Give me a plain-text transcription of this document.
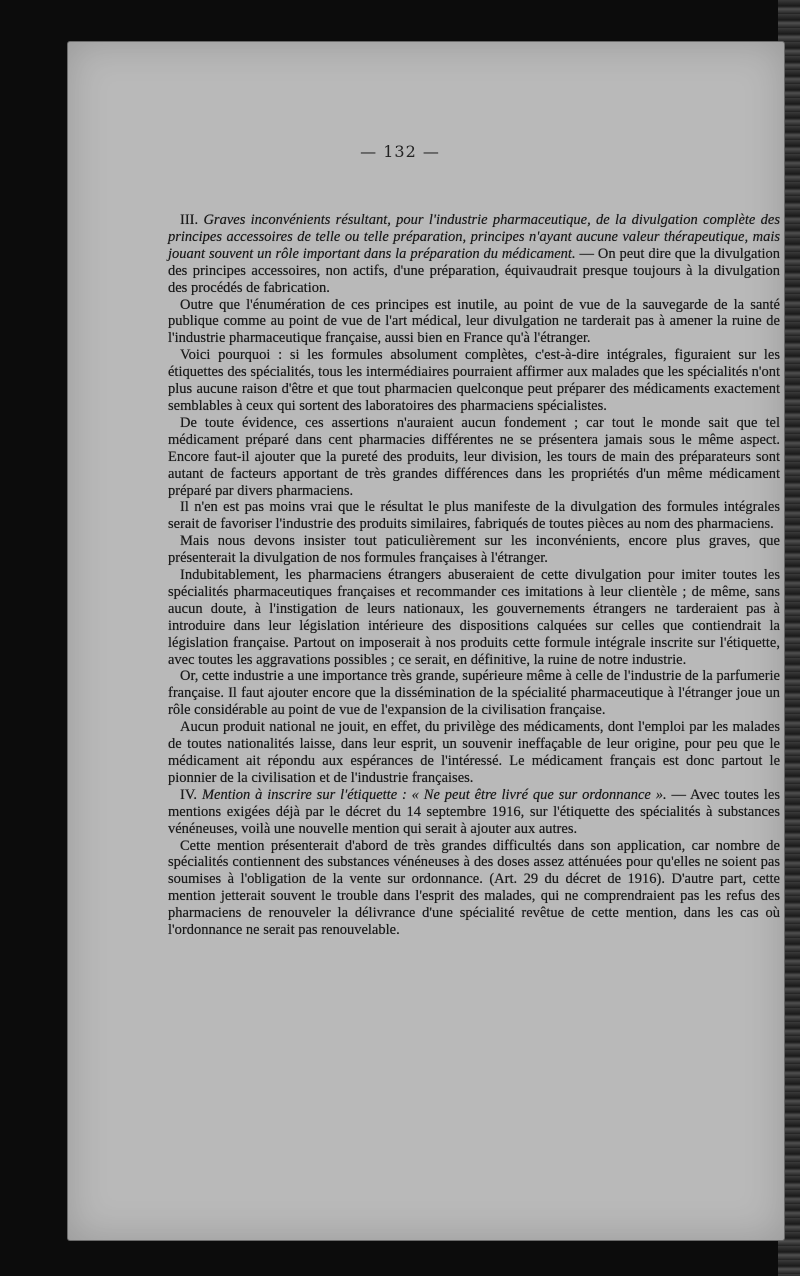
— 132 —

III. Graves inconvénients résultant, pour l'industrie pharmaceutique, de la divulgation complète des principes accessoires de telle ou telle préparation, principes n'ayant aucune valeur thérapeutique, mais jouant souvent un rôle important dans la préparation du médicament. — On peut dire que la divulgation des principes accessoires, non actifs, d'une préparation, équivaudrait presque toujours à la divulgation des procédés de fabrication.

Outre que l'énumération de ces principes est inutile, au point de vue de la sauvegarde de la santé publique comme au point de vue de l'art médical, leur divulgation ne tarderait pas à amener la ruine de l'industrie pharmaceutique française, aussi bien en France qu'à l'étranger.

Voici pourquoi : si les formules absolument complètes, c'est-à-dire intégrales, figuraient sur les étiquettes des spécialités, tous les intermédiaires pourraient affirmer aux malades que les spécialités n'ont plus aucune raison d'être et que tout pharmacien quelconque peut préparer des médicaments exactement semblables à ceux qui sortent des laboratoires des pharmaciens spécialistes.

De toute évidence, ces assertions n'auraient aucun fondement ; car tout le monde sait que tel médicament préparé dans cent pharmacies différentes ne se présentera jamais sous le même aspect. Encore faut-il ajouter que la pureté des produits, leur division, les tours de main des préparateurs sont autant de facteurs apportant de très grandes différences dans les propriétés d'un même médicament préparé par divers pharmaciens.

Il n'en est pas moins vrai que le résultat le plus manifeste de la divulgation des formules intégrales serait de favoriser l'industrie des produits similaires, fabriqués de toutes pièces au nom des pharmaciens.

Mais nous devons insister tout paticulièrement sur les inconvénients, encore plus graves, que présenterait la divulgation de nos formules françaises à l'étranger.

Indubitablement, les pharmaciens étrangers abuseraient de cette divulgation pour imiter toutes les spécialités pharmaceutiques françaises et recommander ces imitations à leur clientèle ; de même, sans aucun doute, à l'instigation de leurs nationaux, les gouvernements étrangers ne tarderaient pas à introduire dans leur législation intérieure des dispositions calquées sur celles que contiendrait la législation française. Partout on imposerait à nos produits cette formule intégrale inscrite sur l'étiquette, avec toutes les aggravations possibles ; ce serait, en définitive, la ruine de notre industrie.

Or, cette industrie a une importance très grande, supérieure même à celle de l'industrie de la parfumerie française. Il faut ajouter encore que la dissémination de la spécialité pharmaceutique à l'étranger joue un rôle considérable au point de vue de l'expansion de la civilisation française.

Aucun produit national ne jouit, en effet, du privilège des médicaments, dont l'emploi par les malades de toutes nationalités laisse, dans leur esprit, un souvenir ineffaçable de leur origine, pour peu que le médicament ait répondu aux espérances de l'intéressé. Le médicament français est donc partout le pionnier de la civilisation et de l'industrie françaises.

IV. Mention à inscrire sur l'étiquette : « Ne peut être livré que sur ordonnance ». — Avec toutes les mentions exigées déjà par le décret du 14 septembre 1916, sur l'étiquette des spécialités à substances vénéneuses, voilà une nouvelle mention qui serait à ajouter aux autres.

Cette mention présenterait d'abord de très grandes difficultés dans son application, car nombre de spécialités contiennent des substances vénéneuses à des doses assez atténuées pour qu'elles ne soient pas soumises à l'obligation de la vente sur ordonnance. (Art. 29 du décret de 1916). D'autre part, cette mention jetterait souvent le trouble dans l'esprit des malades, qui ne comprendraient pas les refus des pharmaciens de renouveler la délivrance d'une spécialité revêtue de cette mention, dans les cas où l'ordonnance ne serait pas renouvelable.
